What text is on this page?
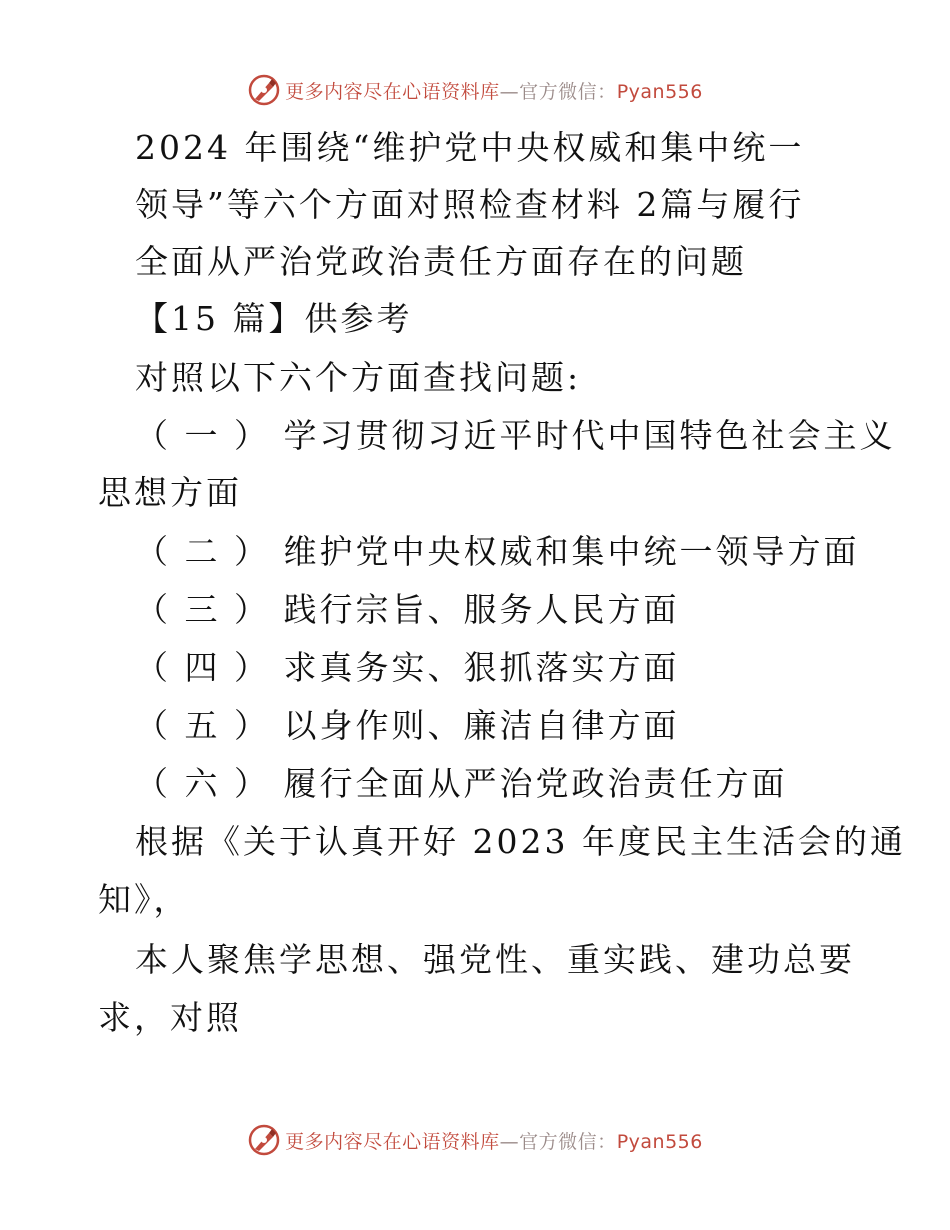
更多内容尽在心语资料库—官方微信：Pyan556
2024 年围绕“维护党中央权威和集中统一
领导”等六个方面对照检查材料 2篇与履行
全面从严治党政治责任方面存在的问题
【15 篇】供参考
对照以下六个方面查找问题:
（ 一 ） 学习贯彻习近平时代中国特色社会主义
思想方面
（ 二 ） 维护党中央权威和集中统一领导方面
（ 三 ） 践行宗旨、服务人民方面
（ 四 ） 求真务实、狠抓落实方面
（ 五 ） 以身作则、廉洁自律方面
（ 六 ） 履行全面从严治党政治责任方面
根据《关于认真开好 2023 年度民主生活会的通
知》，
本人聚焦学思想、强党性、重实践、建功总要
求，对照
更多内容尽在心语资料库—官方微信：Pyan556
